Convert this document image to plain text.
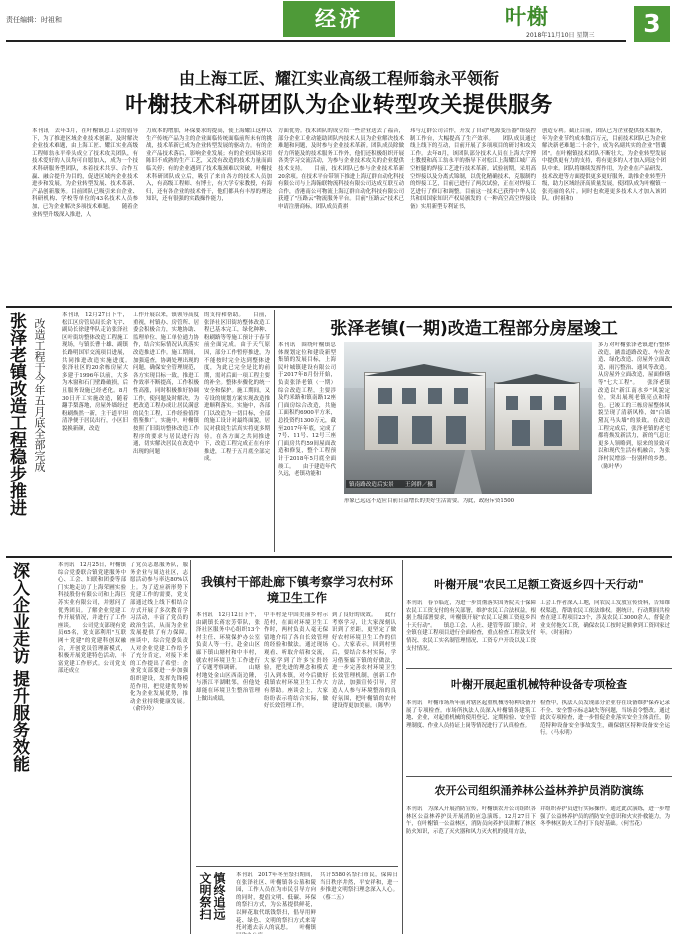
责任编辑：时祖和	经济	叶榭
2018年11月10日 星期三	3
由上海工匠、耀江实业高级工程师翁永平领衔
叶榭技术科研团队为企业转型攻关提供服务
本刊讯　去年3月，在叶榭镇总工会的倡导下，为了推进区域企业技术创新，及时解决企业技术难题，由上海工匠、耀江实业高级工程师翁永平牵头成立了技术攻关团队，有技术爱好的人员均可自愿加入，成为一个技术科研服务型团队，本着技术共享、合作互赢、融合提升为目的，促进区域内企业技术进步和发展，为企业转型发展、技术革新、产品创新服务。目前团队已吸引来自企业、科研机构、学校等单位的43名技术人员参加，已为企业解决多项技术难题。　　随着企业转型升级深入推进，人
力成本的增加，环保要求的提高，使上海耀江这样以生产传统产品为主的企业面临传统面临前所未有的挑战，技术革新已成为企业转型发展的驱动力。有的企业产品技术落后，影响企业发展；有的企业因场采用陈旧不成熟的生产工艺，又没有改造的技术力量而面临关停；有的企业遇到了技术瓶颈难以突破。叶榭技术科研团队成立后，吸引了来自各方的技术人员加入，有高级工程师、有博士，有大学专家教授，有海归，还有各企业的技术骨干，他们都具有丰厚的理论知识，还有很强的实践操作能力，
方面优势。技术团队的成立给一些企业送去了福音，部分企业工业动能助团队内技术人员为企业解决技术难题和问题，及时参与企业技术革新。团队成员除做好力所能及的技术服务工作外，他们还积极组织开展各类学习交流活动，为参与企业技术攻关的企业提供技术支持。　　目前，技术团队已参与企业技术革新20余项。在技术平台带领下推进上海辽群自动化科技有限公司与上海翰联物流科技有限公司达成互联互动合作，香港南公可物流上海辽群自动化科技有限公司获遵了"压路云"物流服务平台。目前"压路云"技术已申请注册商标。团队成员黄祺
玮与辽群公司合作，开发了自动"电源变压器"组装控制工作台，大幅提高了生产效率。　　团队成员通过线上线下的互动，目前开展了多项项目的研讨和攻关工作。去年8月，该团队部分技术人员在上海大学博士教授和高工翁永平的指导下对松江上海耀江城厂高空桩腿的焊接工艺进行技术革新。试验初期，采用高空焊接以及分离式锦制，以优化精确技术，克服制约的焊接工艺，目前已进行了两次试验，正在对焊接工艺进行了修订和调整。目前这一技术已获得中华人民共和国国家知识产权局颁发的《一种高空高空焊接设备》实用新型专利证书，
创造专利。截止目前，团队已为企业提供技术服务，年为企业节约成本数百万元，目前技术团队已为企业解决新老难题二十余个，成为名副其实的企业"智囊团"。在叶榭镇技术团队不断壮大，为企业转型发展中提供更有力的支持，将有更多的人才加入到这个团队中来。团队将继续发挥作用，为企业在产品研发、技术改进等方面提供更多更好服务，助推企业转型升级，助力区域经济高质量发展，使团队成为叶榭镇一张亮丽的名片。同时也欢迎更多技术人才加入该团队。(时祖和)
张泽老镇改造工程稳步推进 改造工程于今年五月底全部完成
本刊讯　12月27日下午，松江区房管局局长余飞宇、副局长徐建华队走访张泽社区叶街坊整体改造工程施工现场，与镇长曹十雄、副镇长路明国军交流项目进展，共同推进改造实施进度。　　张泽社区的20余栋房屋大多建于1996年以前，大多为木窗和石门壁路破损，后且服务设施已经老化。8月30日开工实施改造，随着翻手梨落地，房屋外墙经过粉刷焕然一新，主干道平坦清净便于居民出行，小区旧貌换新颜，改造
工作开展以来，镇领导高度重视，村镇办、房管所、居委会积极合力，实地协助、监理单位、施工单位通力协作，结合实际情况认真落实改造推进工作。施工期间，加强巡查，协调处理出现的问题，确保安全管理规范，各方实现目标一致，推进工作效率不断提高，工作积极性高涨，同时积极推好协调工作，使问题及时解决。为把改造工程办成让居民满意的民生工程，工作经验值得借鉴推广。实施中，叶榭镇按照了旧街坊整体改造工作程序的要求与居民进行沟通，切实解决居民在改造中出现的问题
的支持和帮助。　　目前，张泽社区旧街坊整体改造工程已基本完工，绿化种种、粉刷路等等施工预计于春节前全面完成。由于天气原因，部分工作暂停推进，为不能按时完全达到整体进度，为此已完全是比的前期，需对后面一项工程主要的补全。整体步骤化的统一安全和保护。施工期间，又专设的规划方案实现改造推进顺利落实。实施中，各部门以改造为一切目标，全部的施工设计对最终面貌，居民对我说生活真实将更多期待。在各方面之共同推进下，改造工程完成正在有序推进，工程于五月底全部完成。
张泽老镇(一期)改造工程部分房屋竣工
本刊讯　围绕叶榭镇总体规划定位和建设新型集镇的发展目标，上海民叶城镇建设有限公司于2017年8月份开始，负责张泽老镇（一期）综合改造工程，主要涉及约米路和镇南路12座门面房综合改造，共施工面积约6900平方米，总投资约1300万元，截至2017年年底，完成了7号、11号、12号三座门面房共约59间屋面改造和修复，整个工程预计于2018年5月底全面竣工。　　由于建造年代久远，老镇功能和
镇南路改造后实景　　王剑群／摄
形象已远远不适应目前日益增长的美好生活需要。为此，政府斥资1500
多万对叶榭张泽老镇进行整体改造，涵盖道路改造、车位改造、绿化改造、房屋外立面改造、雨污整治、通风等改造。从房屋外立面改造，屋面修缮等"七大工程"。　　张泽老镇改造以"新江南水乡"风貌定位，突出展现老镇亮点和特色。已竣工的三栋房屋整体风貌呈现了清新风格，如"白墙黛瓦马头墙"的景致。在改造工程完成后，张泽老镇的老宅都将焕发新活力，新的气息让更多人领略到，原来的景致可以和现代生活有机融合，为张泽村民增添一份别样的乡愁。（陈叶华）
深入企业走访 提升服务效能	本刊讯　12月25日，叶榭镇综合党委联合镇党建服务中心、工会、妇联和团委等部门实地走访了上海荣圃实验科技股份有限公司和上海巨苏实业有限公司，并慰问了优秀团员。了解企业党建工作开展情况，并进行了工作座谈。　　公司党支部现有党员65名，党支部利用"互联网＋党建"的党建科创双融合，开创党员管理新模式，积极开展党建特色活动，丰富党建工作形式。公司党支部还成立
了党员志愿服务队，服务企业与周边社区，志愿活动参与率达80%以上。为了适应新形势下党建工作的需要，党支部通过线上线下相结合方式开展了多次教育学习活动，丰富了党员的政治生活，从而为企业发展提供了有力保障。　　座谈中，综合党委负责人对企业党建工作给予了充分肯定，对接下来的工作提出了希望：企业党支部要进一步加强组织建设，发挥先锋模范作用，把党建优势转化为企业发展优势，推动企业持续健康发展。（俞玲玲）
我镇村干部赴廊下镇考察学习农村环境卫生工作
本刊讯　12月12日下午，由副镇长蒋宏芳带队，张泽社区服务中心组织13个村主任、环境保护办公室负责人等一行，赴金山区廊下镇山塘村和中丰村，就农村环境卫生工作进行了专题考察调研。　　山塘村地处金山区西南边陲，与浙江平湖毗邻，但他处却能在环境卫生整治管理上做出成绩，
中丰村是中国美丽乡村示范村，在面对环境卫生工作时，两村负责人毫无保留地介绍了各自长效管理的经验和做法。通过现场观看、听取介绍和交流，大家学到了许多宝贵经验，把先进的理念和模式引入到本镇，对今后做好我镇农村环境卫生工作大有帮助。座谈会上，大家纷纷表示将结合实际，做好长效管理工作。
到了良好的成效。　　此行考察学习，让大家深刻认识到了差距，更坚定了做好农村环境卫生工作的信心。大家表示，回到村里后，要结合本村实际，学习借鉴廊下镇的好做法，进一步完善农村环境卫生长效管理机制，创新工作方法，加强宣传引导，营造人人参与环境整治的良好氛围，把叶榭镇的农村建设得更加美丽。（陈华）
慎终追远　文明祭扫	本刊讯　2017年冬至祭扫期间，在张泽社区、叶榭镇各公墓和陵园，工作人员在为市民引导方向的同时，提倡文明、低碳、环保的祭扫方式，为公墓提供鲜花，以鲜花取代纸钱祭扫，倡导用鲜花、绿色、文明的祭扫方式来寄托对逝去亲人的哀思。　　叶榭镇
共计5580名祭扫市民，保障日当日秩序井然，平安祥和，进一步推进文明祭扫理念深入人心。（蔡二五）
叶榭开展"农民工足额工资返乡四十天行动"
本刊讯　春节临近，为进一步贯彻落实国务院关于保障农民工工资支付的有关部署，维护农民工合法权益，根据上级部署要求，叶榭镇开展"农民工足额工资返乡四十天行动"。　　镇总工会、人社、建管等部门联合，对全镇在建工程项目进行全面检查，重点检查工程款支付情况、农民工实名制管理情况、工资专户开设以及工资支付情况。
工会工作者深入工地，向农民工发放宣传资料，告知维权渠道，帮助农民工依法维权。据统计，行动期间共检查在建工程项目23个，涉及农民工3000余人，督促企业支付拖欠工资，确保农民工按时足额拿到工资回家过年。（时祖和）
叶榭开展起重机械特种设备专项检查
本刊讯　叶榭市场所年前对辖区起重机械等特种设备开展了专项检查。市场所执法人员深入叶榭镇各建筑工地、企业，对起重机械的使用登记、定期检验、安全管理制度、作业人员持证上岗等情况进行了认真检查。
检查中，执法人员发现部分企业存在设备维护保养记录不全、安全警示标志缺失等问题，当场责令整改。通过此次专项检查，进一步督促企业落实安全主体责任，防范特种设备安全事故发生，确保辖区特种设备安全运行。（马永明）
农开公司组织涌养林公益林养护员消防演练
本刊讯　为深入开展消防宣传，叶榭镇农开公司组织各林区公益林养护员开展消防应急演练。12月27日下午，在叶榭镇一公益林区，消防员向养护员讲解了林区防火知识，示范了灭火器和风力灭火机的使用方法，
并组织养护员进行实际操作。通过此次演练，进一步增强了公益林养护员的消防安全意识和火灾扑救能力，为冬季林区防火工作打下良好基础。（何雪花）
